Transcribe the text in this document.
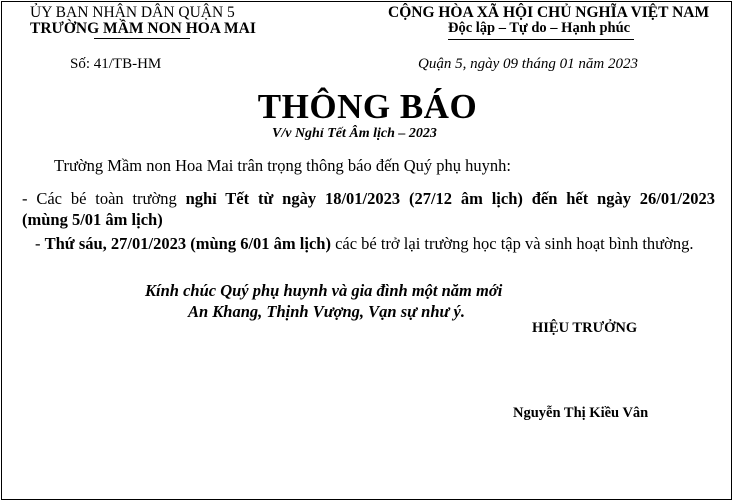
ỦY BAN NHÂN DÂN QUẬN 5
TRƯỜNG MẦM NON HOA MAI
CỘNG HÒA XÃ HỘI CHỦ NGHĨA VIỆT NAM
Độc lập – Tự do – Hạnh phúc
Số: 41/TB-HM	Quận 5, ngày 09 tháng 01 năm 2023
THÔNG BÁO
V/v Nghỉ Tết Âm lịch – 2023
Trường Mầm non Hoa Mai trân trọng thông báo đến Quý phụ huynh:
- Các bé toàn trường nghỉ Tết từ ngày 18/01/2023 (27/12 âm lịch) đến hết ngày 26/01/2023
(mùng 5/01 âm lịch)
- Thứ sáu, 27/01/2023 (mùng 6/01 âm lịch) các bé trở lại trường học tập và sinh hoạt bình thường.
Kính chúc Quý phụ huynh và gia đình một năm mới
An Khang, Thịnh Vượng, Vạn sự như ý.
HIỆU TRƯỞNG
Nguyễn Thị Kiều Vân
